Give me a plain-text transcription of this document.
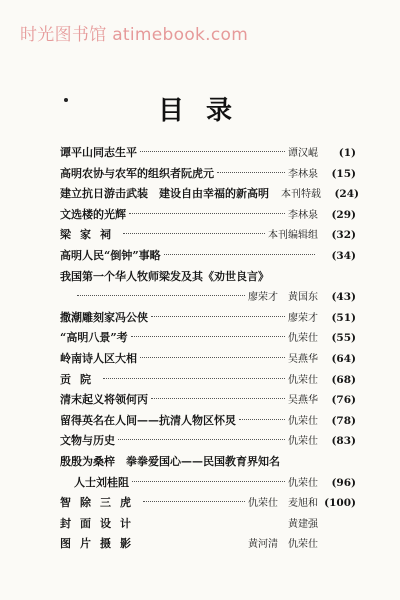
时光图书馆 atimebook.com
目录
谭平山同志生平	谭汉崐	(1)
高明农协与农军的组织者阮虎元	李林泉	(15)
建立抗日游击武装　建设自由幸福的新高明 本刊特载	(24)
文选楼的光辉	李林泉	(29)
梁家祠	本刊编辑组	(32)
高明人民“倒钟”事略	(34)
我国第一个华人牧师梁发及其《劝世良言》
廖荣才　黄国东	(43)
撒潮雕刻家冯公侠	廖荣才	(51)
“高明八景”考	仇荣仕	(55)
岭南诗人区大相	吴燕华	(64)
贡院	仇荣仕	(68)
清末起义将领何丙	吴燕华	(76)
留得英名在人间——抗清人物区怀炅	仇荣仕	(78)
文物与历史	仇荣仕	(83)
殷殷为桑梓　拳拳爱国心——民国教育界知名
人士刘桂阻	仇荣仕	(96)
智除三虎	仇荣仕　麦旭和 (100)
封面设计	黄建强
图片摄影	黄河清　仇荣仕
